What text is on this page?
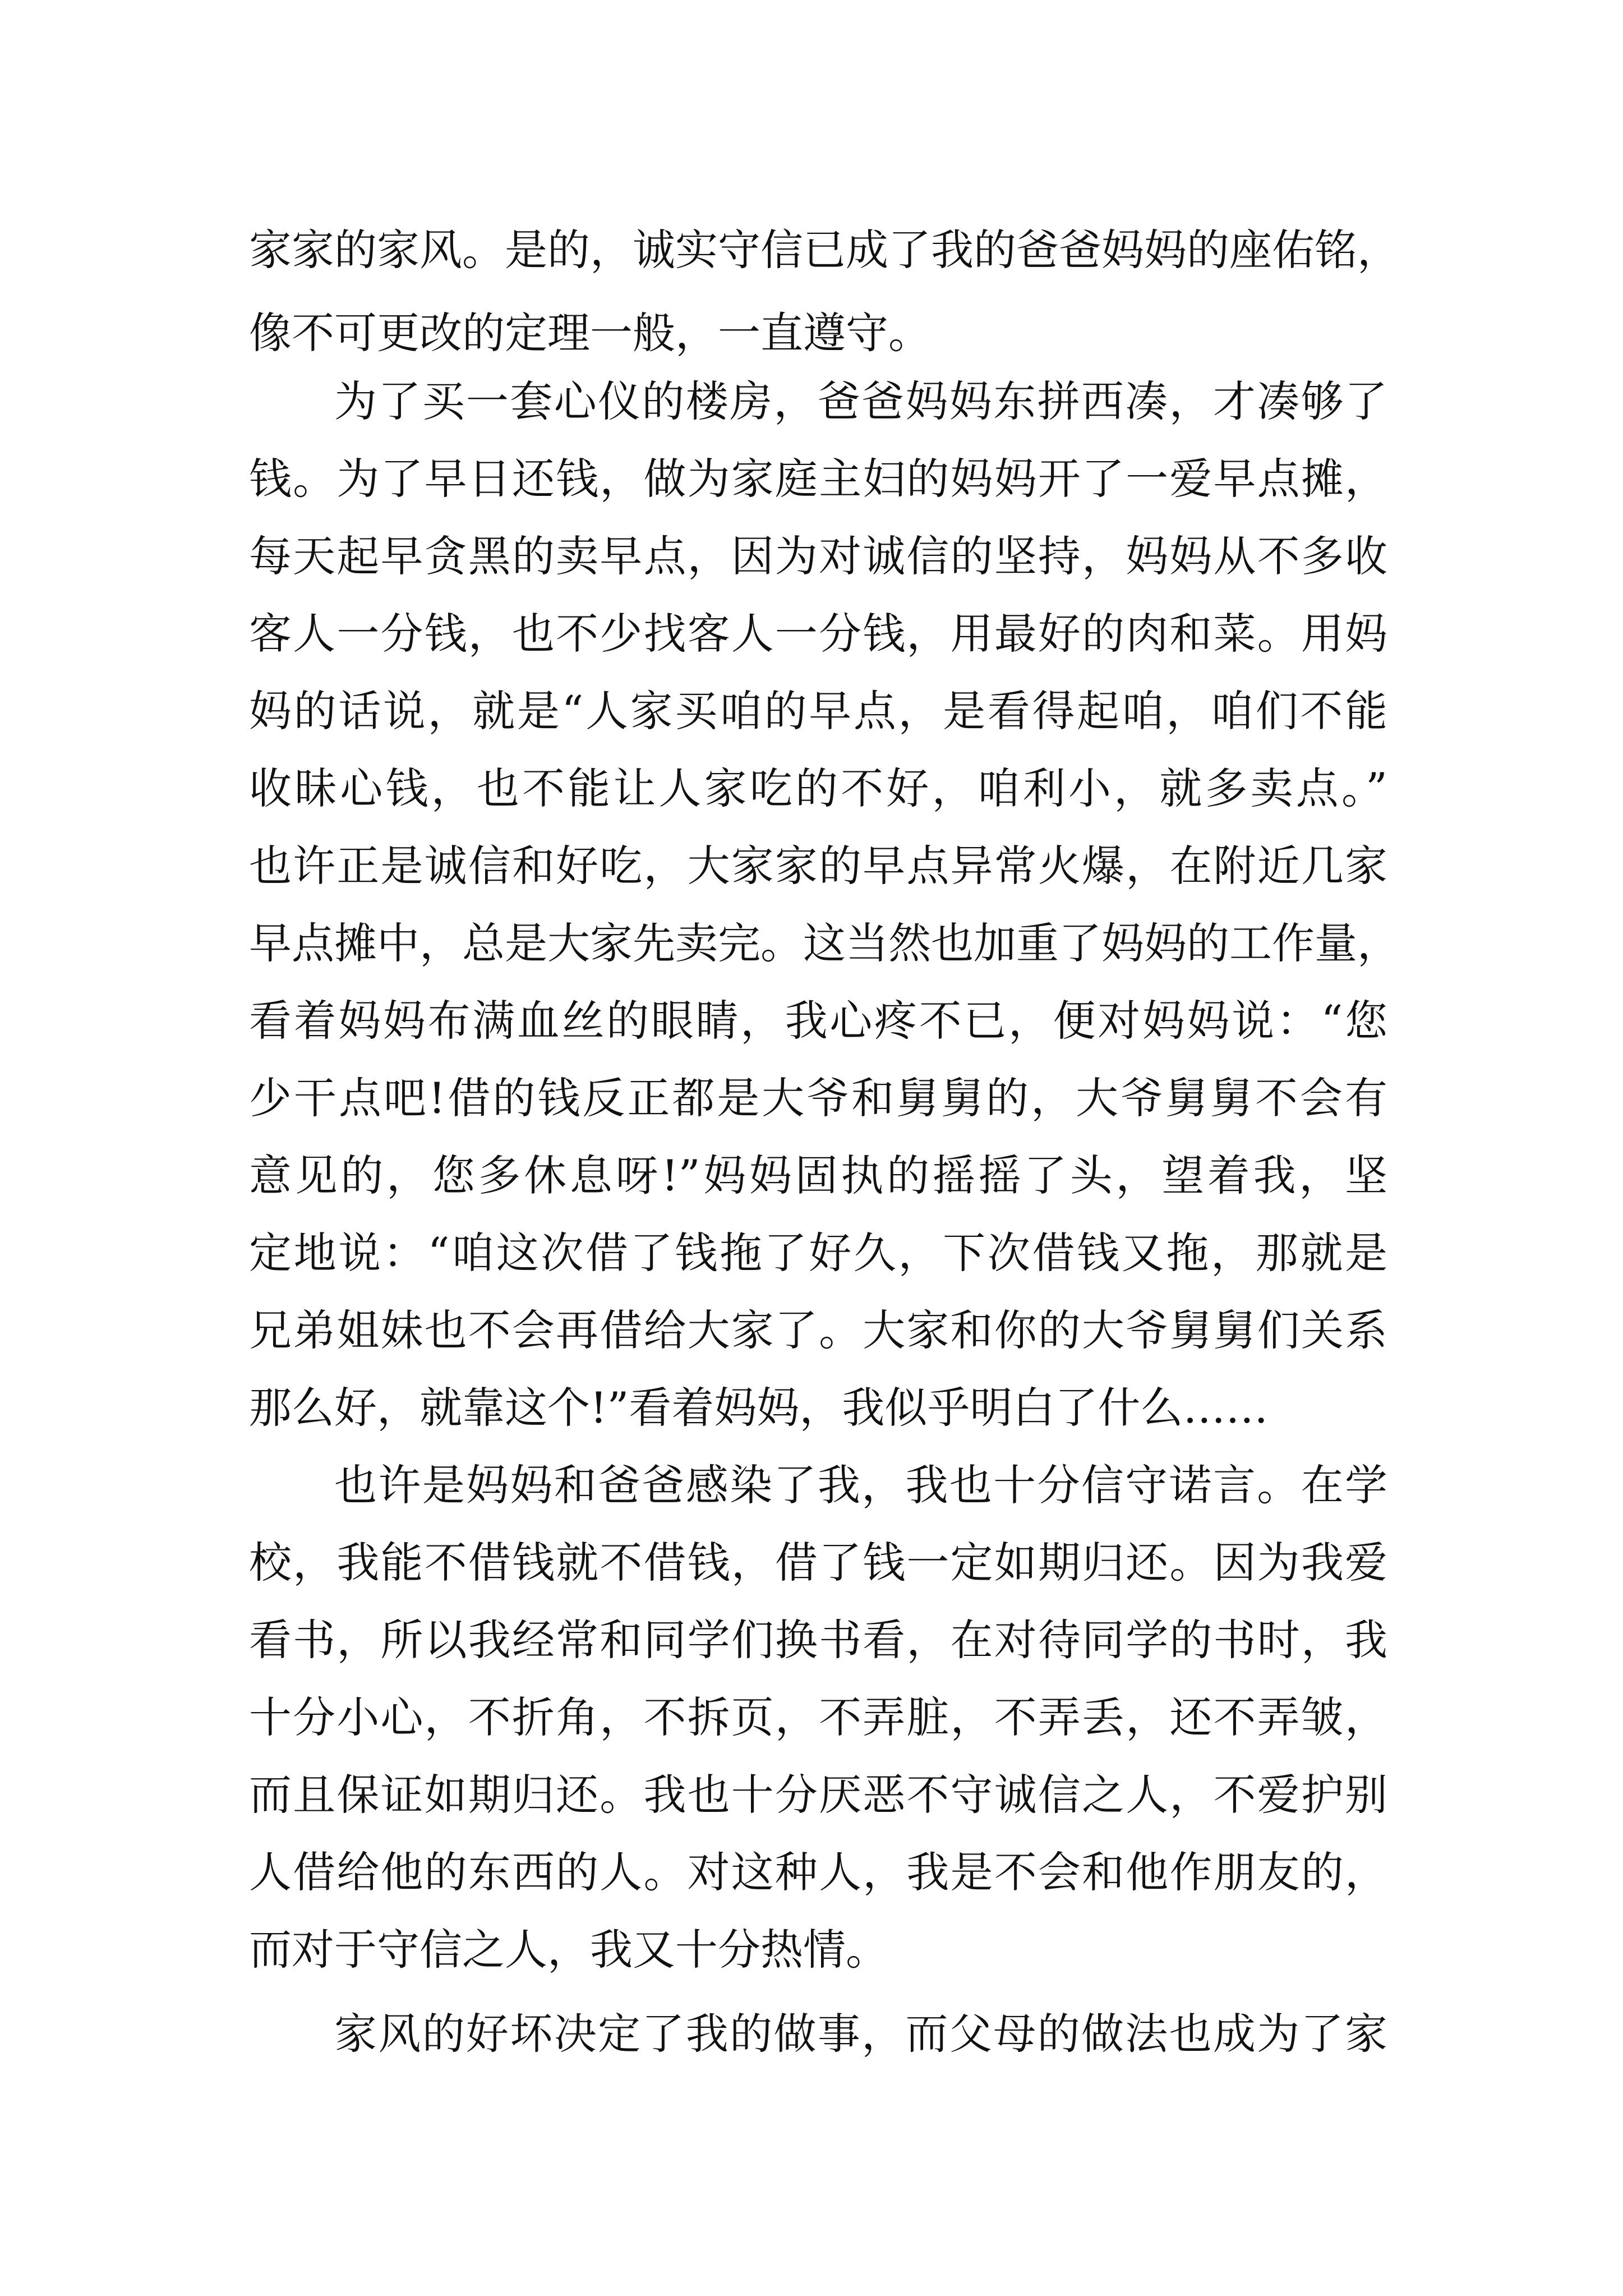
家家的家风。是的，诚实守信已成了我的爸爸妈妈的座佑铭，
像不可更改的定理一般，一直遵守。
为了买一套心仪的楼房，爸爸妈妈东拼西凑，才凑够了
钱。为了早日还钱，做为家庭主妇的妈妈开了一爱早点摊，
每天起早贪黑的卖早点，因为对诚信的坚持，妈妈从不多收
客人一分钱，也不少找客人一分钱，用最好的肉和菜。用妈
妈的话说，就是“人家买咱的早点，是看得起咱，咱们不能
收昧心钱，也不能让人家吃的不好，咱利小，就多卖点。”
也许正是诚信和好吃，大家家的早点异常火爆，在附近几家
早点摊中，总是大家先卖完。这当然也加重了妈妈的工作量，
看着妈妈布满血丝的眼睛，我心疼不已，便对妈妈说：“您
少干点吧!借的钱反正都是大爷和舅舅的，大爷舅舅不会有
意见的，您多休息呀!”妈妈固执的摇摇了头，望着我，坚
定地说：“咱这次借了钱拖了好久，下次借钱又拖，那就是
兄弟姐妹也不会再借给大家了。大家和你的大爷舅舅们关系
那么好，就靠这个!”看着妈妈，我似乎明白了什么……
也许是妈妈和爸爸感染了我，我也十分信守诺言。在学
校，我能不借钱就不借钱，借了钱一定如期归还。因为我爱
看书，所以我经常和同学们换书看，在对待同学的书时，我
十分小心，不折角，不拆页，不弄脏，不弄丢，还不弄皱，
而且保证如期归还。我也十分厌恶不守诚信之人，不爱护别
人借给他的东西的人。对这种人，我是不会和他作朋友的，
而对于守信之人，我又十分热情。
家风的好坏决定了我的做事，而父母的做法也成为了家
